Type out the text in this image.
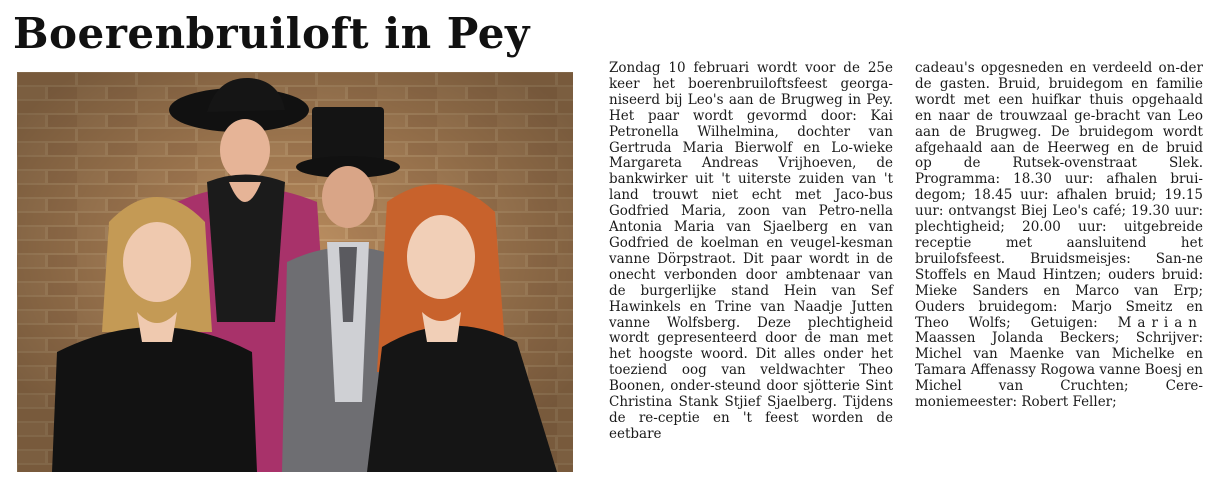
Boerenbruiloft in Pey

Zondag 10 februari wordt voor de 25e keer het boerenbruiloftsfeest georga-niseerd bij Leo's aan de Brugweg in Pey. Het paar wordt gevormd door: Kai Petronella Wilhelmina, dochter van Gertruda Maria Bierwolf en Lo-wieke Margareta Andreas Vrijhoeven, de bankwirker uit 't uiterste zuiden van 't land trouwt niet echt met Jaco-bus Godfried Maria, zoon van Petro-nella Antonia Maria van Sjaelberg en van Godfried de koelman en veugel-kesman vanne Dörpstraot. Dit paar wordt in de onecht verbonden door ambtenaar van de burgerlijke stand Hein van Sef Hawinkels en Trine van Naadje Jutten vanne Wolfsberg. Deze plechtigheid wordt gepresenteerd door de man met het hoogste woord. Dit alles onder het toeziend oog van veldwachter Theo Boonen, onder-steund door sjötterie Sint Christina Stank Stjief Sjaelberg. Tijdens de re-ceptie en 't feest worden de eetbare

cadeau's opgesneden en verdeeld on-der de gasten. Bruid, bruidegom en familie wordt met een huifkar thuis opgehaald en naar de trouwzaal ge-bracht van Leo aan de Brugweg. De bruidegom wordt afgehaald aan de Heerweg en de bruid op de Rutsek-ovenstraat Slek. Programma: 18.30 uur: afhalen brui-degom; 18.45 uur: afhalen bruid; 19.15 uur: ontvangst Biej Leo's café; 19.30 uur: plechtigheid; 20.00 uur: uitgebreide receptie met aansluitend het bruilofsfeest. Bruidsmeisjes: San-ne Stoffels en Maud Hintzen; ouders bruid: Mieke Sanders en Marco van Erp; Ouders bruidegom: Marjo Smeitz en Theo Wolfs; Getuigen: Marian Maassen Jolanda Beckers; Schrijver: Michel van Maenke van Michelke en Tamara Affenassy Rogowa vanne Boesj en Michel van Cruchten; Cere-moniemeester: Robert Feller;
